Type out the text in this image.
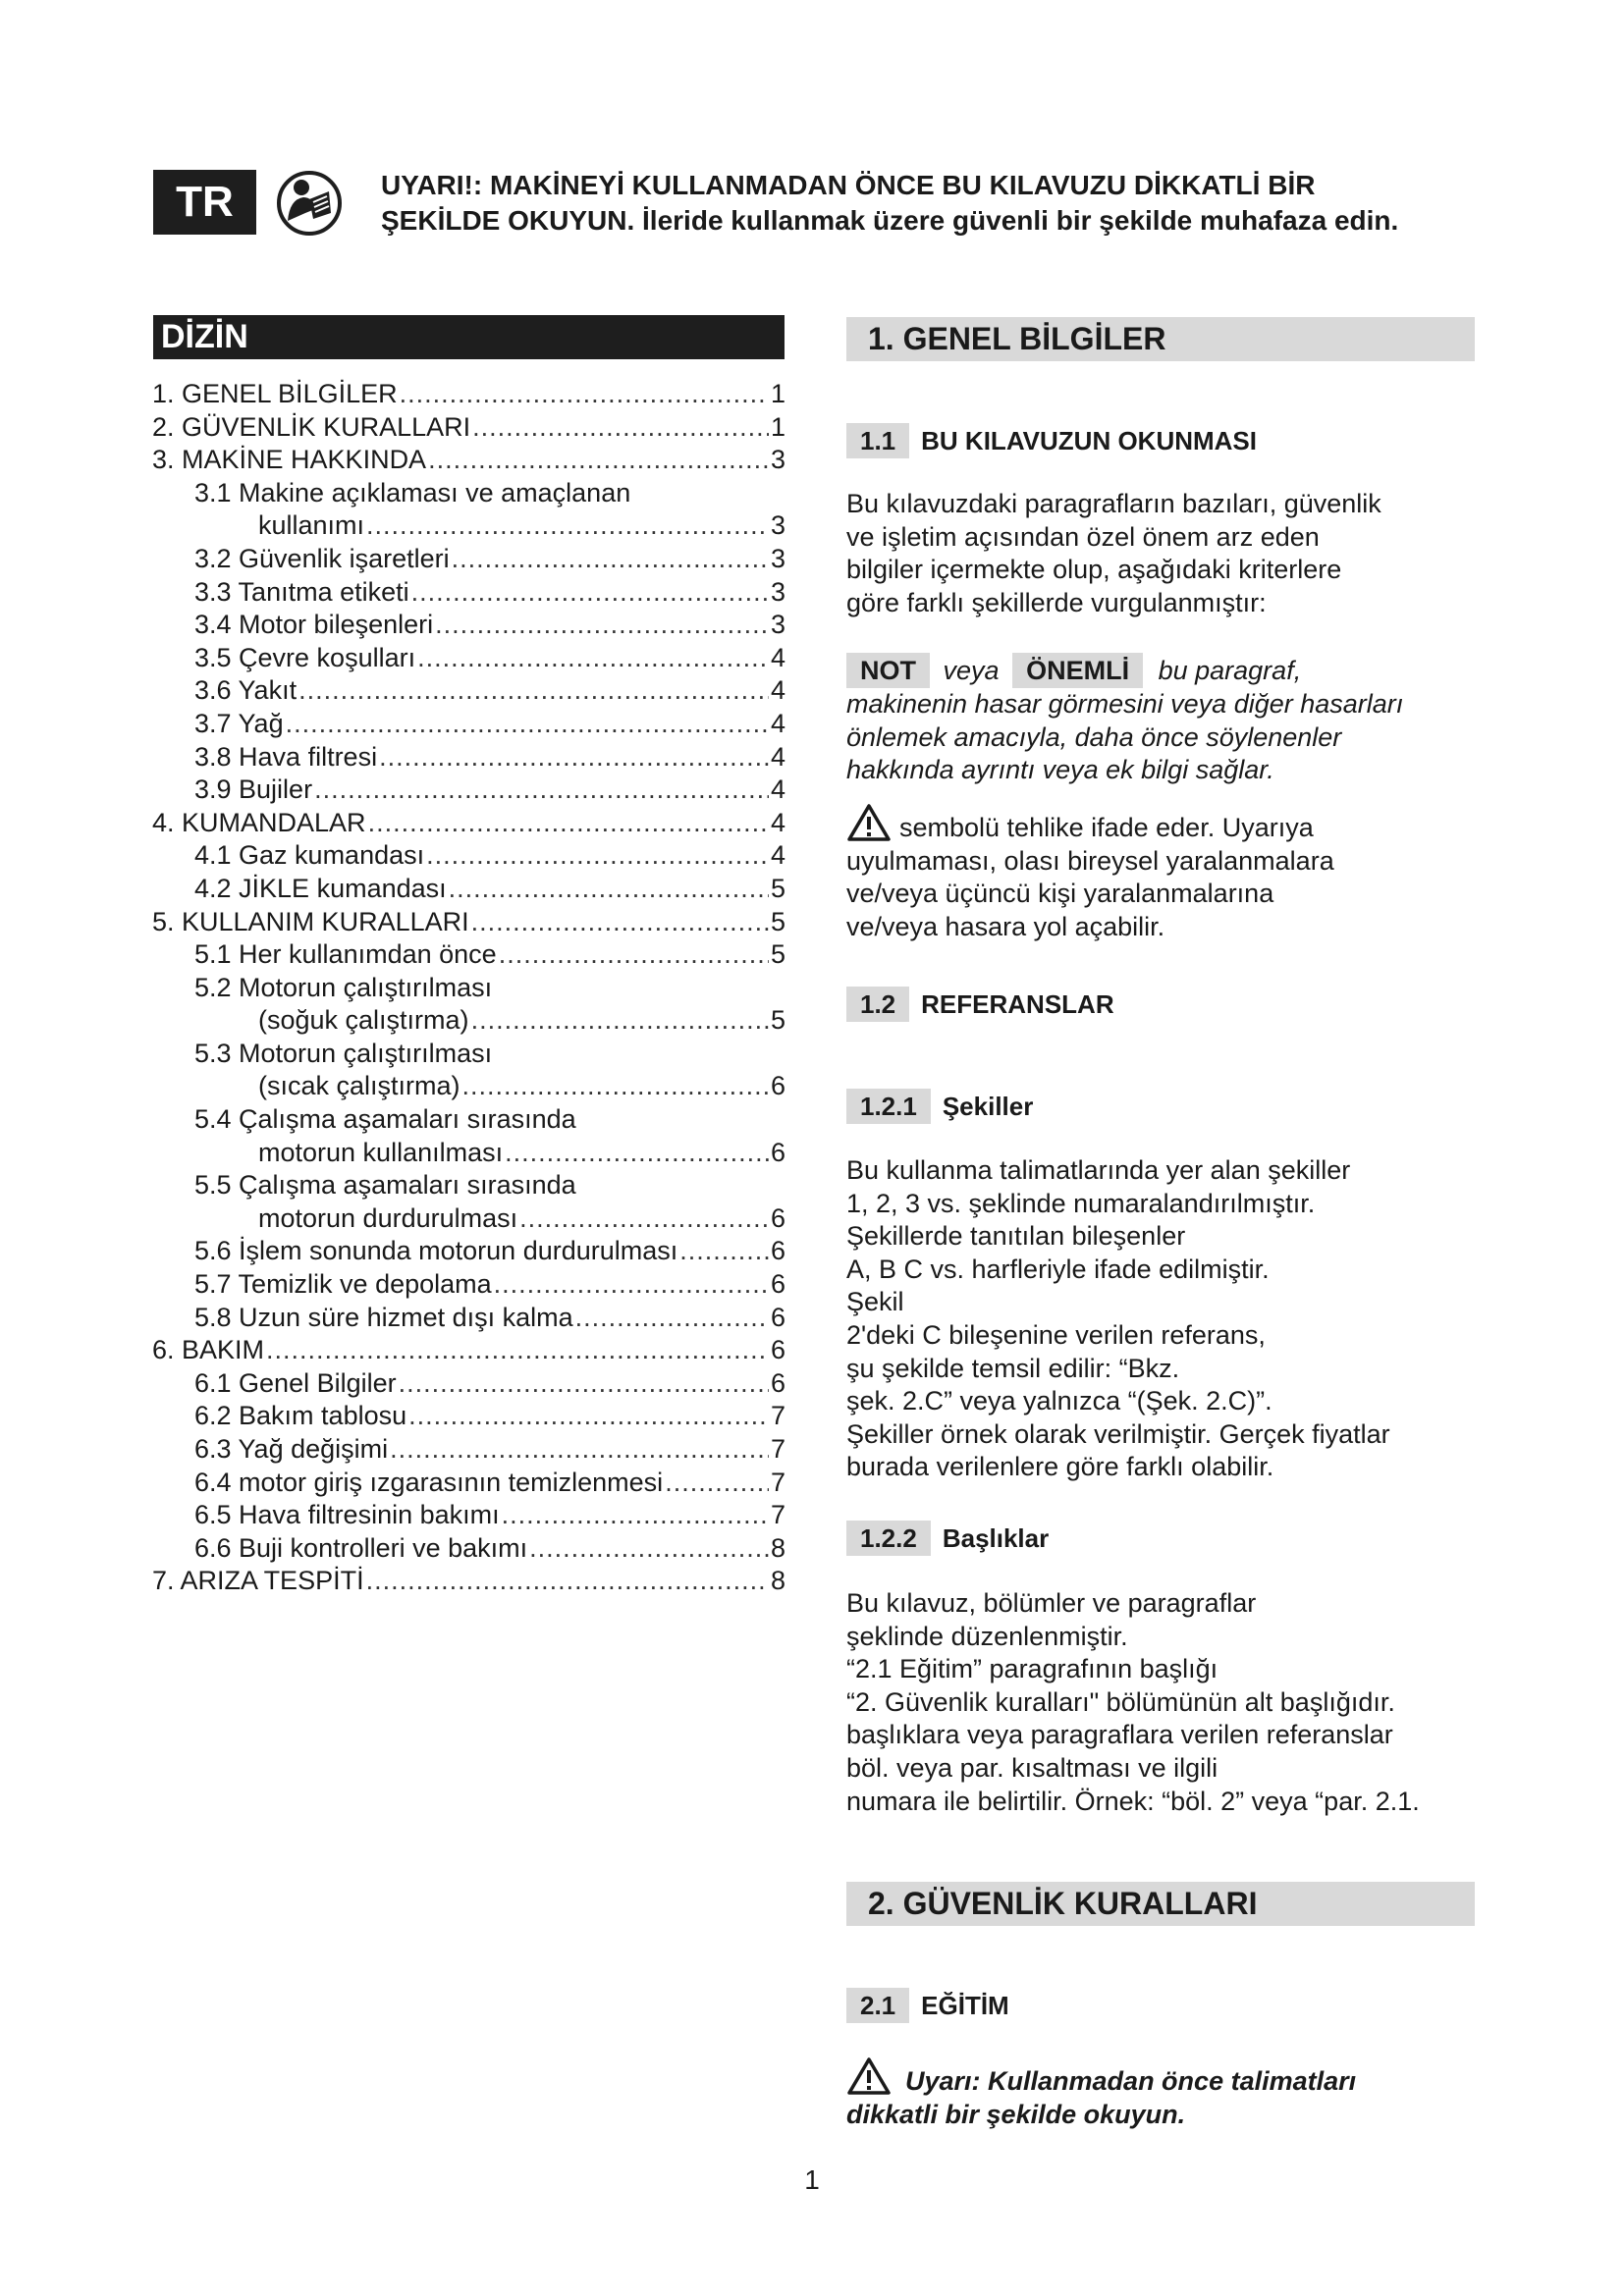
TR	UYARI!: MAKİNEYİ KULLANMADAN ÖNCE BU KILAVUZU DİKKATLİ BİR
ŞEKİLDE OKUYUN. İleride kullanmak üzere güvenli bir şekilde muhafaza edin.
DİZİN
1. GENEL BİLGİLER .....	1
2. GÜVENLİK KURALLARI .....	1
3. MAKİNE HAKKINDA .....	3
3.1 Makine açıklaması ve amaçlanan
kullanımı .....	3
3.2 Güvenlik işaretleri .....	3
3.3 Tanıtma etiketi .....	3
3.4 Motor bileşenleri .....	3
3.5 Çevre koşulları .....	4
3.6 Yakıt .....	4
3.7 Yağ .....	4
3.8 Hava filtresi .....	4
3.9 Bujiler .....	4
4. KUMANDALAR .....	4
4.1 Gaz kumandası .....	4
4.2 JİKLE kumandası .....	5
5. KULLANIM KURALLARI .....	5
5.1 Her kullanımdan önce .....	5
5.2 Motorun çalıştırılması
(soğuk çalıştırma) .....	5
5.3 Motorun çalıştırılması
(sıcak çalıştırma) .....	6
5.4 Çalışma aşamaları sırasında
motorun kullanılması .....	6
5.5 Çalışma aşamaları sırasında
motorun durdurulması .....	6
5.6 İşlem sonunda motorun durdurulması .....	6
5.7 Temizlik ve depolama .....	6
5.8 Uzun süre hizmet dışı kalma .....	6
6. BAKIM .....	6
6.1 Genel Bilgiler .....	6
6.2 Bakım tablosu .....	7
6.3 Yağ değişimi .....	7
6.4 motor giriş ızgarasının temizlenmesi .....	7
6.5 Hava filtresinin bakımı .....	7
6.6 Buji kontrolleri ve bakımı .....	8
7. ARIZA TESPİTİ .....	8
1. GENEL BİLGİLER
1.1	BU KILAVUZUN OKUNMASI
Bu kılavuzdaki paragrafların bazıları, güvenlik
ve işletim açısından özel önem arz eden
bilgiler içermekte olup, aşağıdaki kriterlere
göre farklı şekillerde vurgulanmıştır:
NOT veya ÖNEMLİ bu paragraf,
makinenin hasar görmesini veya diğer hasarları
önlemek amacıyla, daha önce söylenenler
hakkında ayrıntı veya ek bilgi sağlar.
sembolü tehlike ifade eder. Uyarıya
uyulmaması, olası bireysel yaralanmalara
ve/veya üçüncü kişi yaralanmalarına
ve/veya hasara yol açabilir.
1.2	REFERANSLAR
1.2.1	Şekiller
Bu kullanma talimatlarında yer alan şekiller
1, 2, 3 vs. şeklinde numaralandırılmıştır.
Şekillerde tanıtılan bileşenler
A, B C vs. harfleriyle ifade edilmiştir.
Şekil
2'deki C bileşenine verilen referans,
şu şekilde temsil edilir: “Bkz.
şek. 2.C” veya yalnızca “(Şek. 2.C)”.
Şekiller örnek olarak verilmiştir. Gerçek fiyatlar
burada verilenlere göre farklı olabilir.
1.2.2	Başlıklar
Bu kılavuz, bölümler ve paragraflar
şeklinde düzenlenmiştir.
“2.1 Eğitim” paragrafının başlığı
“2. Güvenlik kuralları" bölümünün alt başlığıdır.
başlıklara veya paragraflara verilen referanslar
böl. veya par. kısaltması ve ilgili
numara ile belirtilir. Örnek: “böl. 2” veya “par. 2.1.
2. GÜVENLİK KURALLARI
2.1	EĞİTİM
Uyarı: Kullanmadan önce talimatları
dikkatli bir şekilde okuyun.
1
